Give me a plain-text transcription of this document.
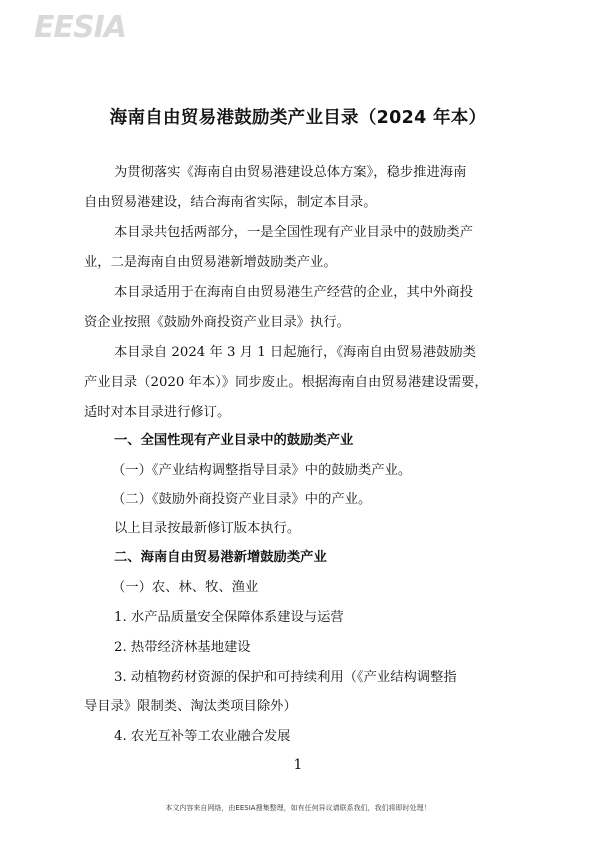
EESIA
海南自由贸易港鼓励类产业目录（2024 年本）
为贯彻落实《海南自由贸易港建设总体方案》，稳步推进海南
自由贸易港建设，结合海南省实际，制定本目录。
本目录共包括两部分，一是全国性现有产业目录中的鼓励类产
业，二是海南自由贸易港新增鼓励类产业。
本目录适用于在海南自由贸易港生产经营的企业，其中外商投
资企业按照《鼓励外商投资产业目录》执行。
本目录自 2024 年 3 月 1 日起施行，《海南自由贸易港鼓励类
产业目录（2020 年本）》同步废止。根据海南自由贸易港建设需要，
适时对本目录进行修订。
一、全国性现有产业目录中的鼓励类产业
（一）《产业结构调整指导目录》中的鼓励类产业。
（二）《鼓励外商投资产业目录》中的产业。
以上目录按最新修订版本执行。
二、海南自由贸易港新增鼓励类产业
（一）农、林、牧、渔业
1. 水产品质量安全保障体系建设与运营
2. 热带经济林基地建设
3. 动植物药材资源的保护和可持续利用（《产业结构调整指
导目录》限制类、淘汰类项目除外）
4. 农光互补等工农业融合发展
1
本文内容来自网络，由EESIA搜集整理，如有任何异议请联系我们，我们将即时处理！
